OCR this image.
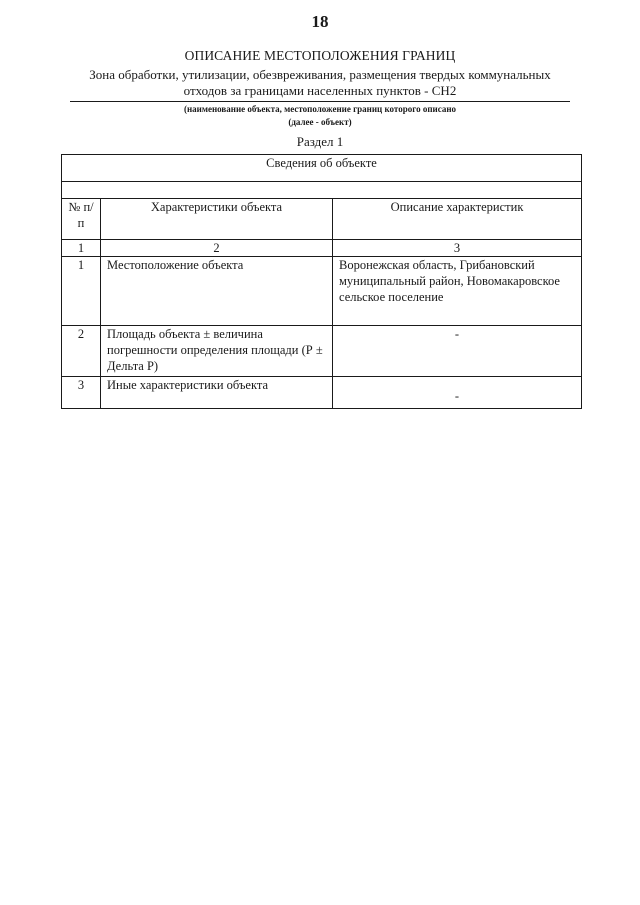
18
ОПИСАНИЕ МЕСТОПОЛОЖЕНИЯ ГРАНИЦ
Зона обработки, утилизации, обезвреживания, размещения твердых коммунальных отходов за границами населенных пунктов - СН2
(наименование объекта, местоположение границ которого описано
(далее - объект)
Раздел 1
Сведения об объекте		

№ п/п	Характеристики объекта	Описание характеристик
1	2	3
1	Местоположение объекта	Воронежская область, Грибановский муниципальный район, Новомакаровское сельское поселение
2	Площадь объекта ± величина погрешности определения площади (Р ± Дельта Р)	-
3	Иные характеристики объекта	-
